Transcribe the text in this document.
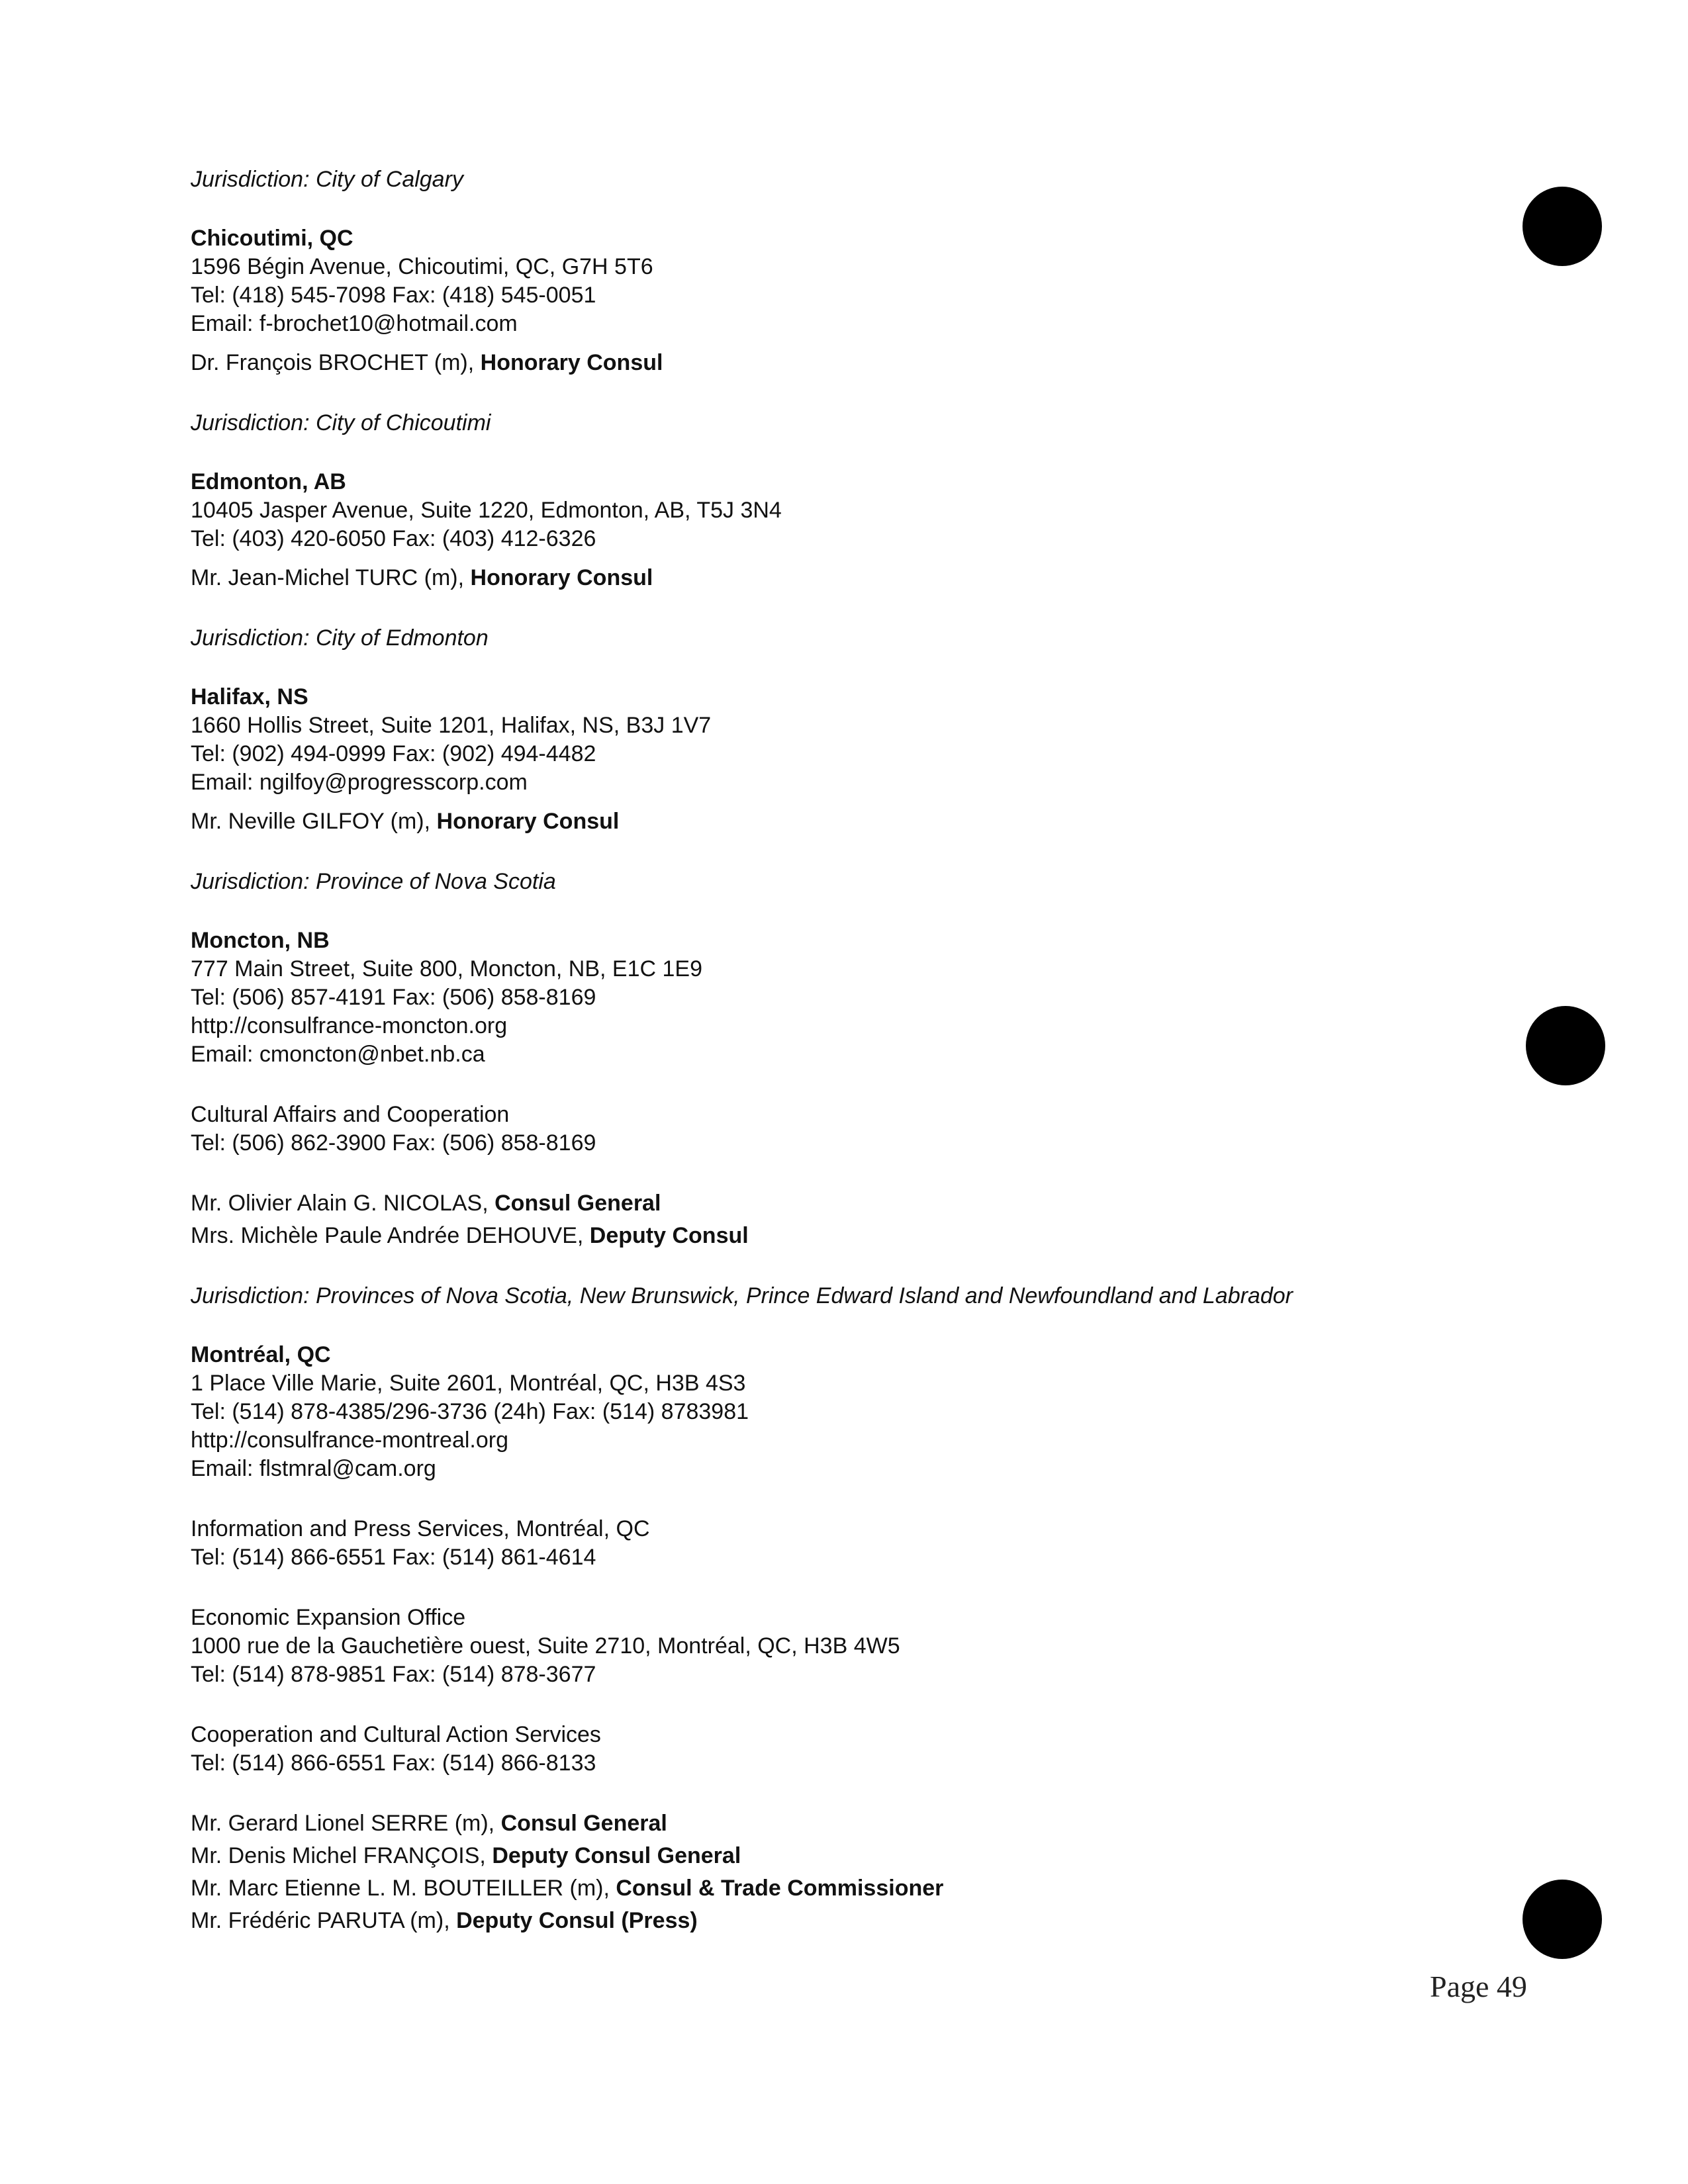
Jurisdiction: City of Calgary

Chicoutimi, QC

1596 Bégin Avenue, Chicoutimi, QC, G7H 5T6

Tel: (418) 545-7098 Fax: (418) 545-0051

Email: f-brochet10@hotmail.com

Dr. François BROCHET (m), Honorary Consul

Jurisdiction: City of Chicoutimi

Edmonton, AB

10405 Jasper Avenue, Suite 1220, Edmonton, AB, T5J 3N4

Tel: (403) 420-6050 Fax: (403) 412-6326

Mr. Jean-Michel TURC (m), Honorary Consul

Jurisdiction: City of Edmonton

Halifax, NS

1660 Hollis Street, Suite 1201, Halifax, NS, B3J 1V7

Tel: (902) 494-0999 Fax: (902) 494-4482

Email: ngilfoy@progresscorp.com

Mr. Neville GILFOY (m), Honorary Consul

Jurisdiction: Province of Nova Scotia

Moncton, NB

777 Main Street, Suite 800, Moncton, NB, E1C 1E9

Tel: (506) 857-4191 Fax: (506) 858-8169

http://consulfrance-moncton.org

Email: cmoncton@nbet.nb.ca

Cultural Affairs and Cooperation

Tel: (506) 862-3900 Fax: (506) 858-8169

Mr. Olivier Alain G. NICOLAS, Consul General

Mrs. Michèle Paule Andrée DEHOUVE, Deputy Consul

Jurisdiction: Provinces of Nova Scotia, New Brunswick, Prince Edward Island and Newfoundland and Labrador

Montréal, QC

1 Place Ville Marie, Suite 2601, Montréal, QC, H3B 4S3

Tel: (514) 878-4385/296-3736 (24h) Fax: (514) 8783981

http://consulfrance-montreal.org

Email: flstmral@cam.org

Information and Press Services, Montréal, QC

Tel: (514) 866-6551 Fax: (514) 861-4614

Economic Expansion Office

1000 rue de la Gauchetière ouest, Suite 2710, Montréal, QC, H3B 4W5

Tel: (514) 878-9851 Fax: (514) 878-3677

Cooperation and Cultural Action Services

Tel: (514) 866-6551 Fax: (514) 866-8133

Mr. Gerard Lionel SERRE (m), Consul General

Mr. Denis Michel FRANÇOIS, Deputy Consul General

Mr. Marc Etienne L. M. BOUTEILLER (m), Consul & Trade Commissioner

Mr. Frédéric PARUTA (m), Deputy Consul (Press)

Page 49
